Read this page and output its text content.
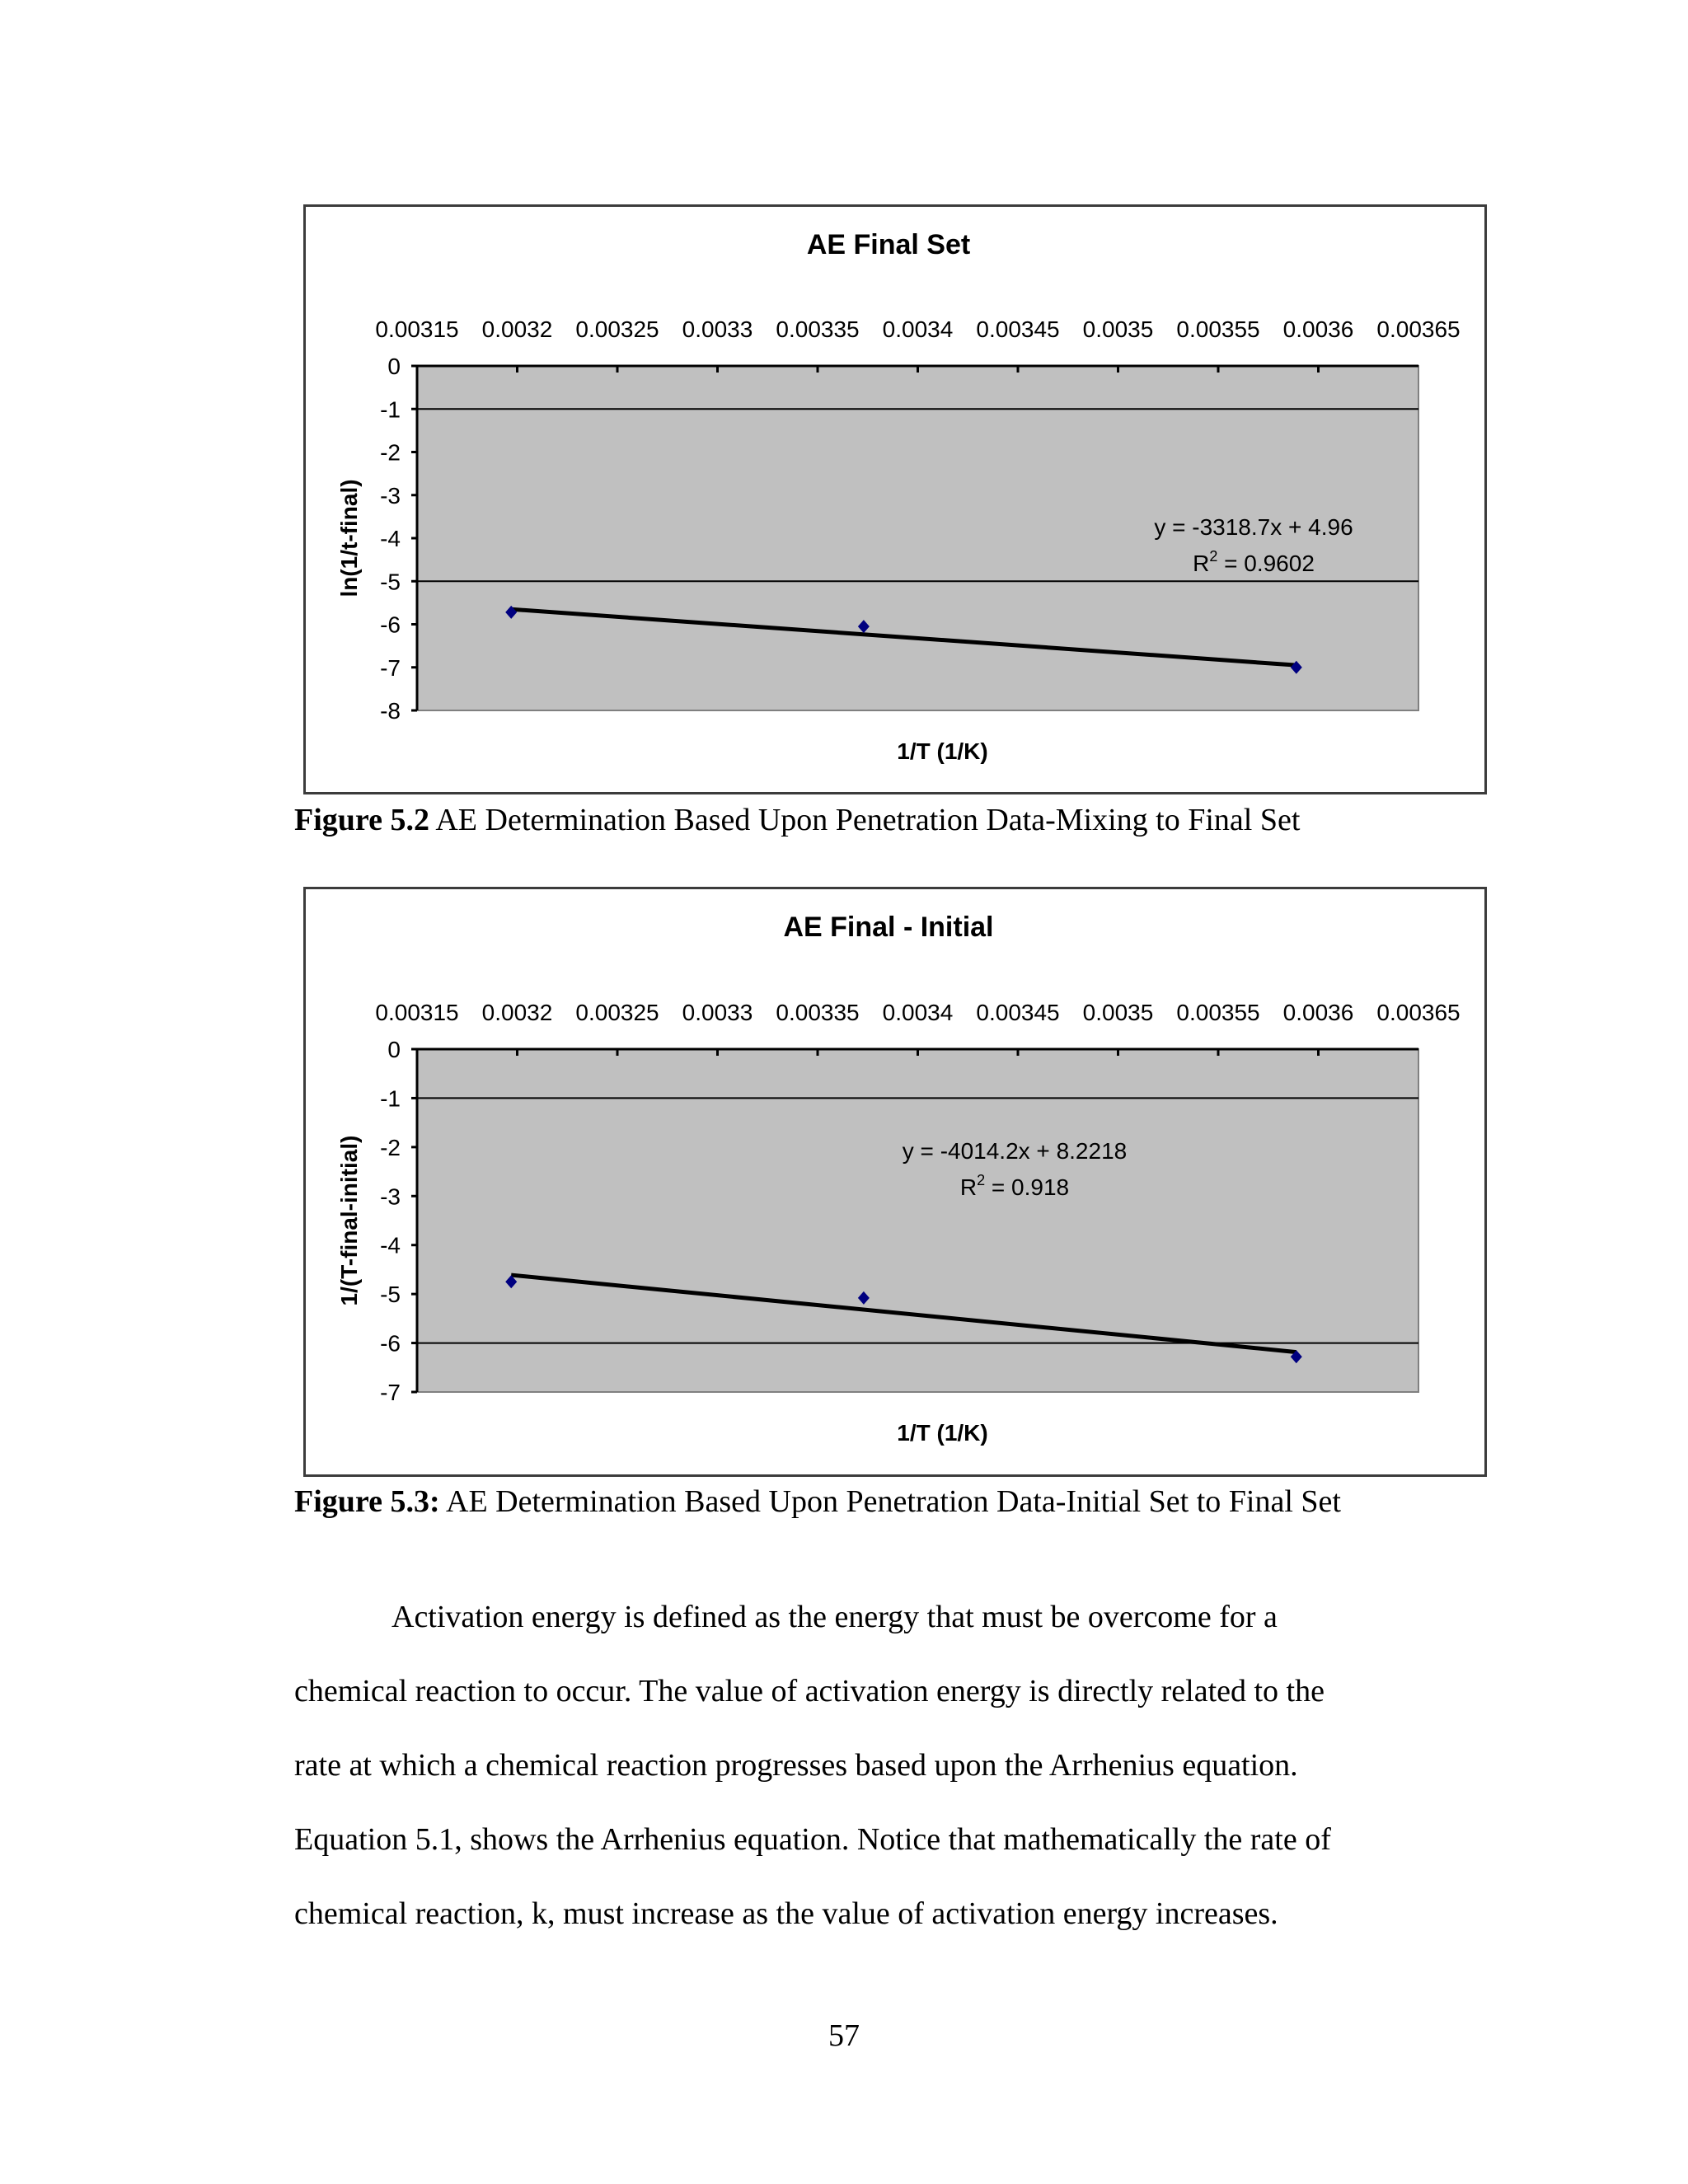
AE Final Set
0.00315 0.0032 0.00325 0.0033 0.00335 0.0034 0.00345 0.0035 0.00355 0.0036 0.00365
0
-1
-2
-3
-4
-5
-6
-7
-8
1/T (1/K)
ln(1/t-final)	y = -3318.7x + 4.96
$R^2 = 0.9602$
Figure 5.2 AE Determination Based Upon Penetration Data-Mixing to Final Set
AE Final - Initial
0.00315 0.0032 0.00325 0.0033 0.00335 0.0034 0.00345 0.0035 0.00355 0.0036 0.00365
0
-1
-2
-3
-4
-5
-6
-7
1/T (1/K)
1/(T-final-initial)	y = -4014.2x + 8.2218
$R^2 = 0.918$
Figure 5.3: AE Determination Based Upon Penetration Data-Initial Set to Final Set
Activation energy is defined as the energy that must be overcome for a
chemical reaction to occur. The value of activation energy is directly related to the
rate at which a chemical reaction progresses based upon the Arrhenius equation.
Equation 5.1, shows the Arrhenius equation. Notice that mathematically the rate of
chemical reaction, k, must increase as the value of activation energy increases.
57
